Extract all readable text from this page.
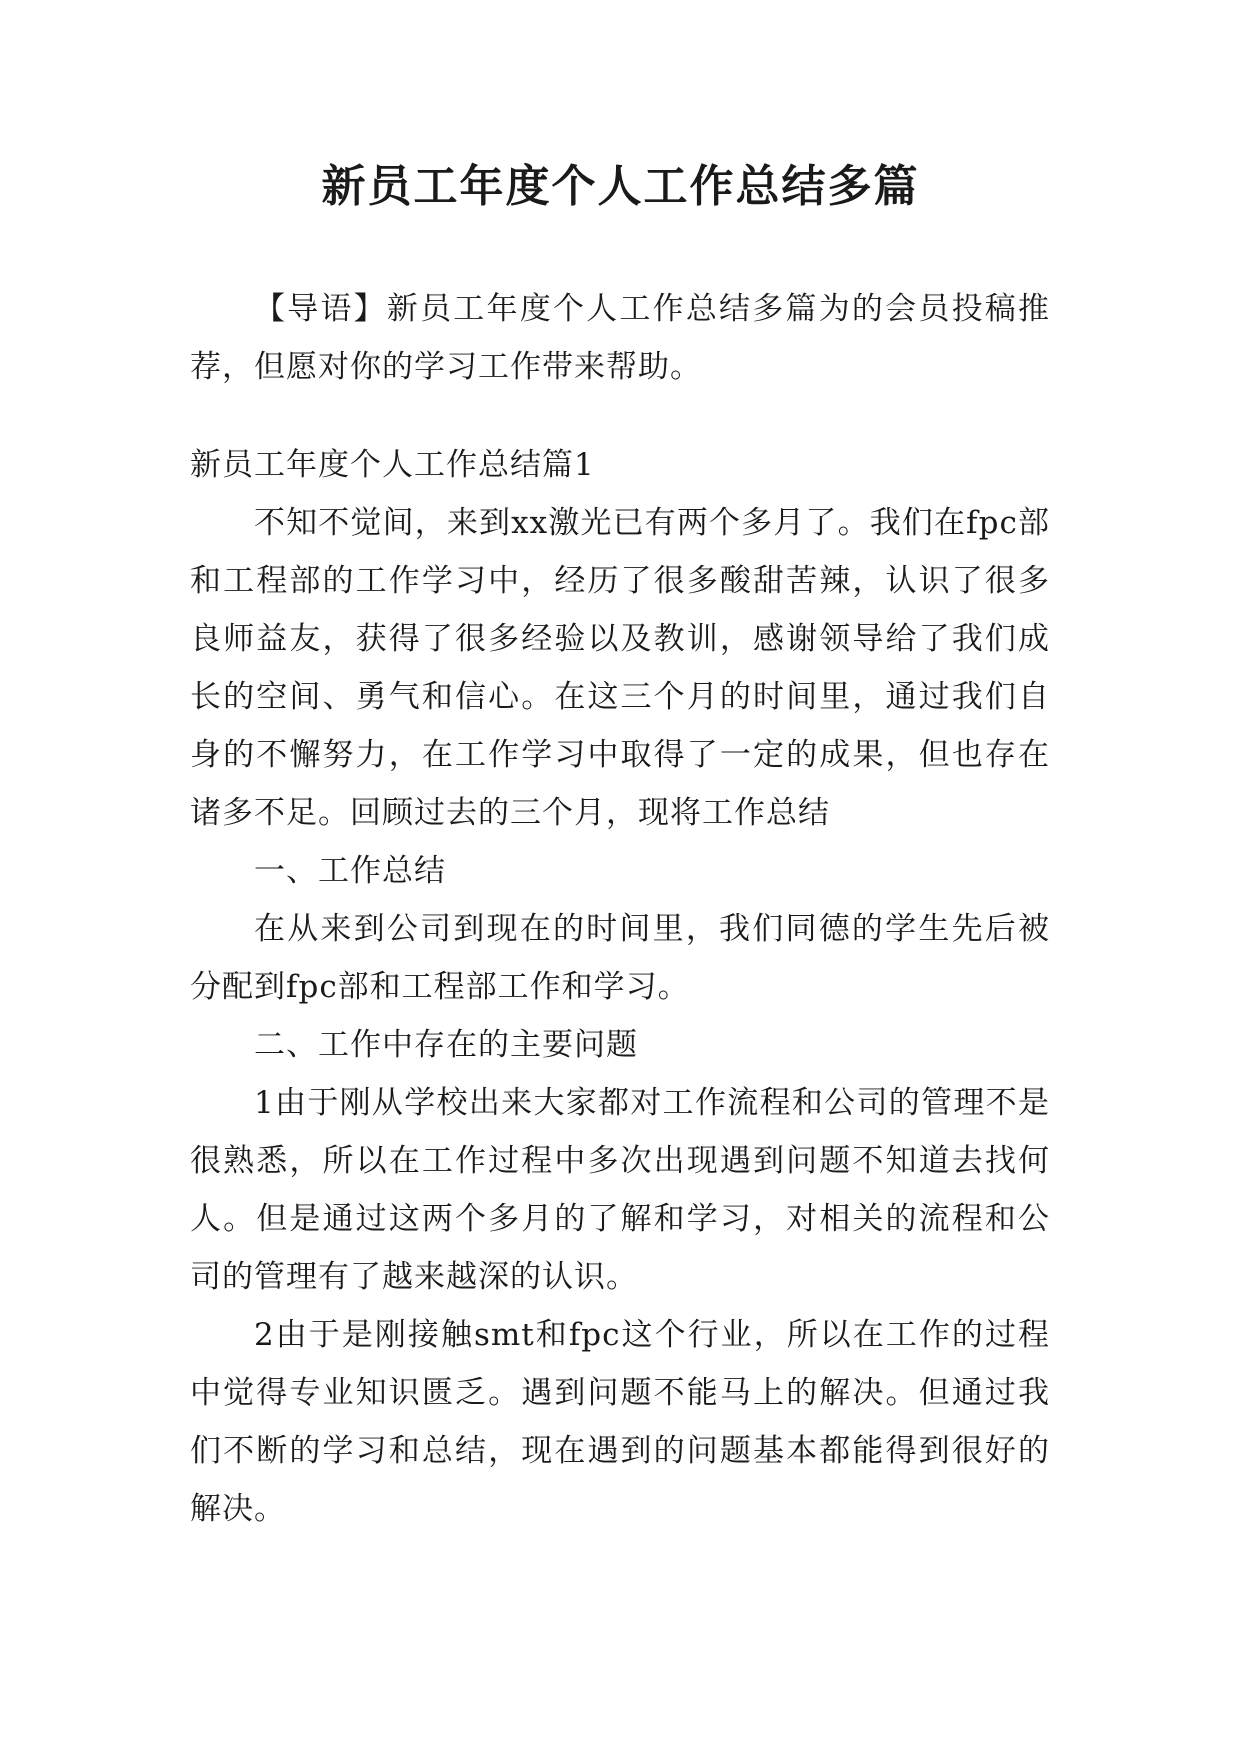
新员工年度个人工作总结多篇

【导语】新员工年度个人工作总结多篇为的会员投稿推荐，但愿对你的学习工作带来帮助。

新员工年度个人工作总结篇1

不知不觉间，来到xx激光已有两个多月了。我们在fpc部和工程部的工作学习中，经历了很多酸甜苦辣，认识了很多良师益友，获得了很多经验以及教训，感谢领导给了我们成长的空间、勇气和信心。在这三个月的时间里，通过我们自身的不懈努力，在工作学习中取得了一定的成果，但也存在诸多不足。回顾过去的三个月，现将工作总结

一、工作总结

在从来到公司到现在的时间里，我们同德的学生先后被分配到fpc部和工程部工作和学习。

二、工作中存在的主要问题

1由于刚从学校出来大家都对工作流程和公司的管理不是很熟悉，所以在工作过程中多次出现遇到问题不知道去找何人。但是通过这两个多月的了解和学习，对相关的流程和公司的管理有了越来越深的认识。

2由于是刚接触smt和fpc这个行业，所以在工作的过程中觉得专业知识匮乏。遇到问题不能马上的解决。但通过我们不断的学习和总结，现在遇到的问题基本都能得到很好的解决。
